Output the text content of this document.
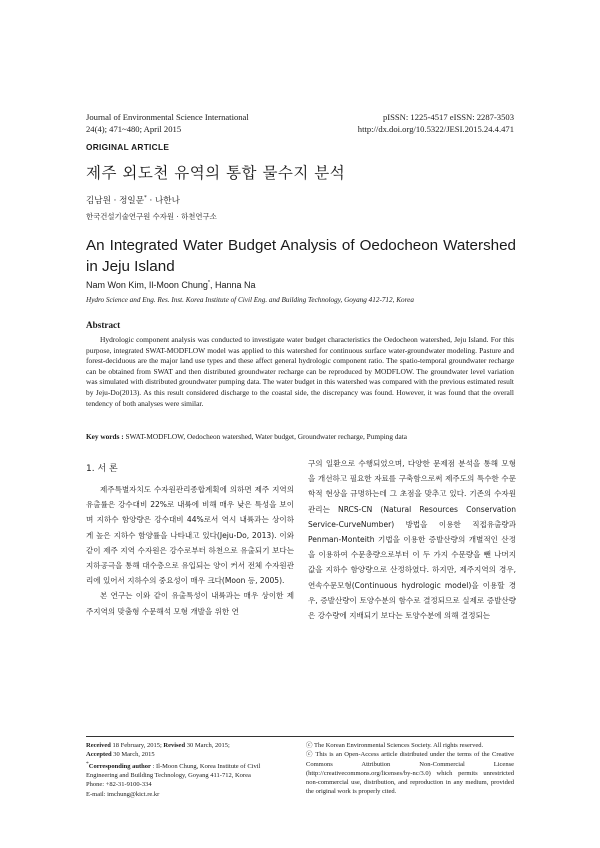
Journal of Environmental Science International
24(4); 471~480; April 2015
pISSN: 1225-4517 eISSN: 2287-3503
http://dx.doi.org/10.5322/JESI.2015.24.4.471
ORIGINAL ARTICLE
제주 외도천 유역의 통합 물수지 분석
김남원 · 정일문* · 나한나
한국건설기술연구원 수자원 · 하천연구소
An Integrated Water Budget Analysis of Oedocheon Watershed in Jeju Island
Nam Won Kim, Il-Moon Chung*, Hanna Na
Hydro Science and Eng. Res. Inst. Korea Institute of Civil Eng. and Building Technology, Goyang 412-712, Korea
Abstract
Hydrologic component analysis was conducted to investigate water budget characteristics the Oedocheon watershed, Jeju Island. For this purpose, integrated SWAT-MODFLOW model was applied to this watershed for continuous surface water-groundwater modeling. Pasture and forest-deciduous are the major land use types and these affect general hydrologic component ratio. The spatio-temporal groundwater recharge can be obtained from SWAT and then distributed groundwater recharge can be reproduced by MODFLOW. The groundwater level variation was simulated with distributed groundwater pumping data. The water budget in this watershed was compared with the previous estimated result by Jeju-Do(2013). As this result considered discharge to the coastal side, the discrepancy was found. However, it was found that the overall tendency of both analyses were similar.
Key words : SWAT-MODFLOW, Oedocheon watershed, Water budget, Groundwater recharge, Pumping data
1. 서 론

제주특별자치도 수자원관리종합계획에 의하면 제주 지역의 유출률은 강수대비 22%로 내륙에 비해 매우 낮은 특성을 보이며 지하수 함양량은 강수대비 44%로서 역시 내륙과는 상이하게 높은 지하수 함양률을 나타내고 있다(Jeju-Do, 2013). 이와 같이 제주 지역 수자원은 강수로부터 하천으로 유출되기 보다는 지하공극을 통해 대수층으로 유입되는 양이 커서 전체 수자원관리에 있어서 지하수의 중요성이 매우 크다(Moon 등, 2005).

본 연구는 이와 같이 유출특성이 내륙과는 매우 상이한 제주지역의 맞춤형 수문해석 모형 개발을 위한 연

구의 일환으로 수행되었으며, 다양한 문제점 분석을 통해 모형을 개선하고 필요한 자료를 구축함으로써 제주도의 특수한 수문학적 현상을 규명하는데 그 초점을 맞추고 있다. 기존의 수자원관리는 NRCS-CN (Natural Resources Conservation Service-CurveNumber) 방법을 이용한 직접유출량과 Penman-Monteith 기법을 이용한 증발산량의 개별적인 산정을 이용하여 수문총량으로부터 이 두 가지 수문량을 뺀 나머지 값을 지하수 함양량으로 산정하였다. 하지만, 제주지역의 경우, 연속수문모형(Continuous hydrologic model)을 이용할 경우, 증발산량이 토양수분의 함수로 결정되므로 실제로 증발산량은 강수량에 지배되기 보다는 토양수분에 의해 결정되는

Received 18 February, 2015; Revised 30 March, 2015;
Accepted 30 March, 2015
*Corresponding author : Il-Moon Chung, Korea Institute of Civil Engineering and Building Technology, Goyang 411-712, Korea
Phone: +82-31-9100-334
E-mail: imchung@kict.re.kr
ⓒ The Korean Environmental Sciences Society. All rights reserved.
ⓒ This is an Open-Access article distributed under the terms of the Creative Commons Attribution Non-Commercial License (http://creativecommons.org/licenses/by-nc/3.0) which permits unrestricted non-commercial use, distribution, and reproduction in any medium, provided the original work is properly cited.
